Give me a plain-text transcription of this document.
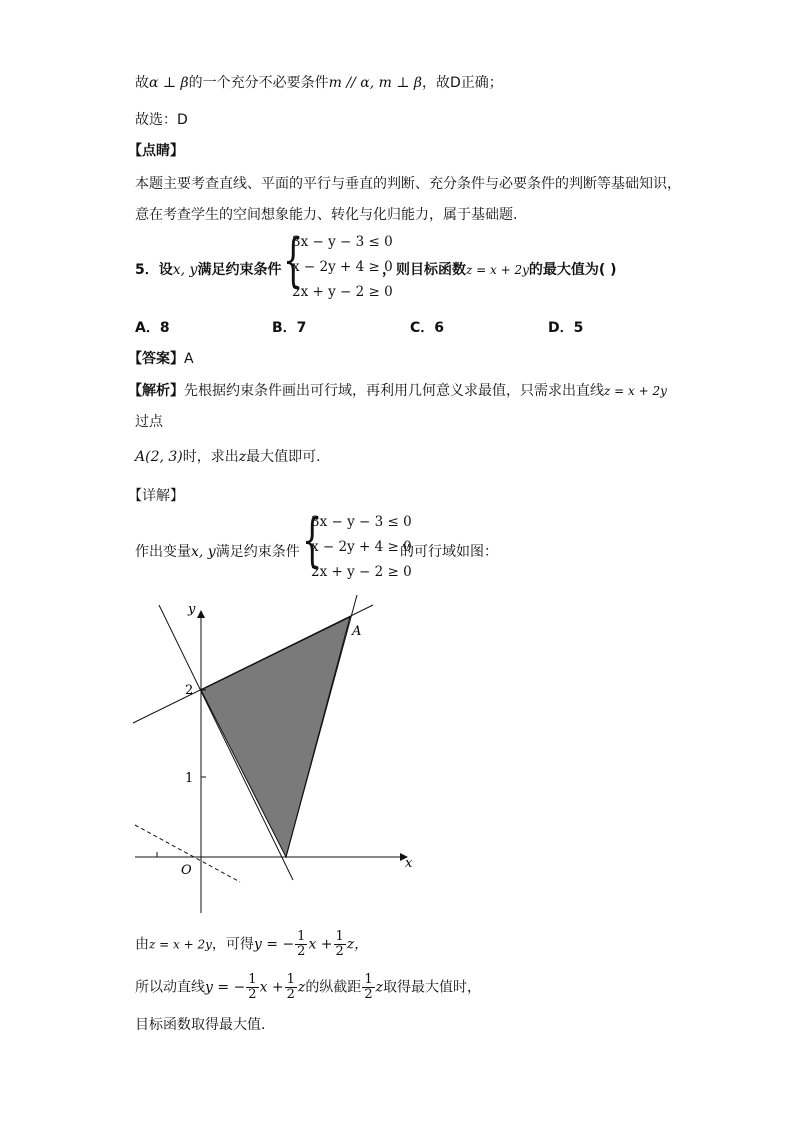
故α ⊥ β的一个充分不必要条件m // α, m ⊥ β，故D正确；
故选：D
【点睛】
本题主要考查直线、平面的平行与垂直的判断、充分条件与必要条件的判断等基础知识，
意在考查学生的空间想象能力、转化与化归能力，属于基础题.
5．设x, y满足约束条件 {
3x − y − 3 ≤ 0
x − 2y + 4 ≥ 0
2x + y − 2 ≥ 0
，则目标函数z = x + 2y的最大值为( )
A．8	B．7	C．6	D．5
【答案】A
【解析】先根据约束条件画出可行域，再利用几何意义求最值，只需求出直线z = x + 2y
过点
A(2, 3)时，求出z最大值即可.
【详解】
作出变量x, y满足约束条件 {
3x − y − 3 ≤ 0
x − 2y + 4 ≥ 0
2x + y − 2 ≥ 0
的可行域如图：
y
x
O
2
1
A
由z = x + 2y，可得y = − $\frac{1}{2}$ $x + \frac{1}{2}$ z，
所以动直线y = − $\frac{1}{2}$ $x + \frac{1}{2}$ z的纵截距 $\frac{1}{2}$ z取得最大值时，
目标函数取得最大值.
